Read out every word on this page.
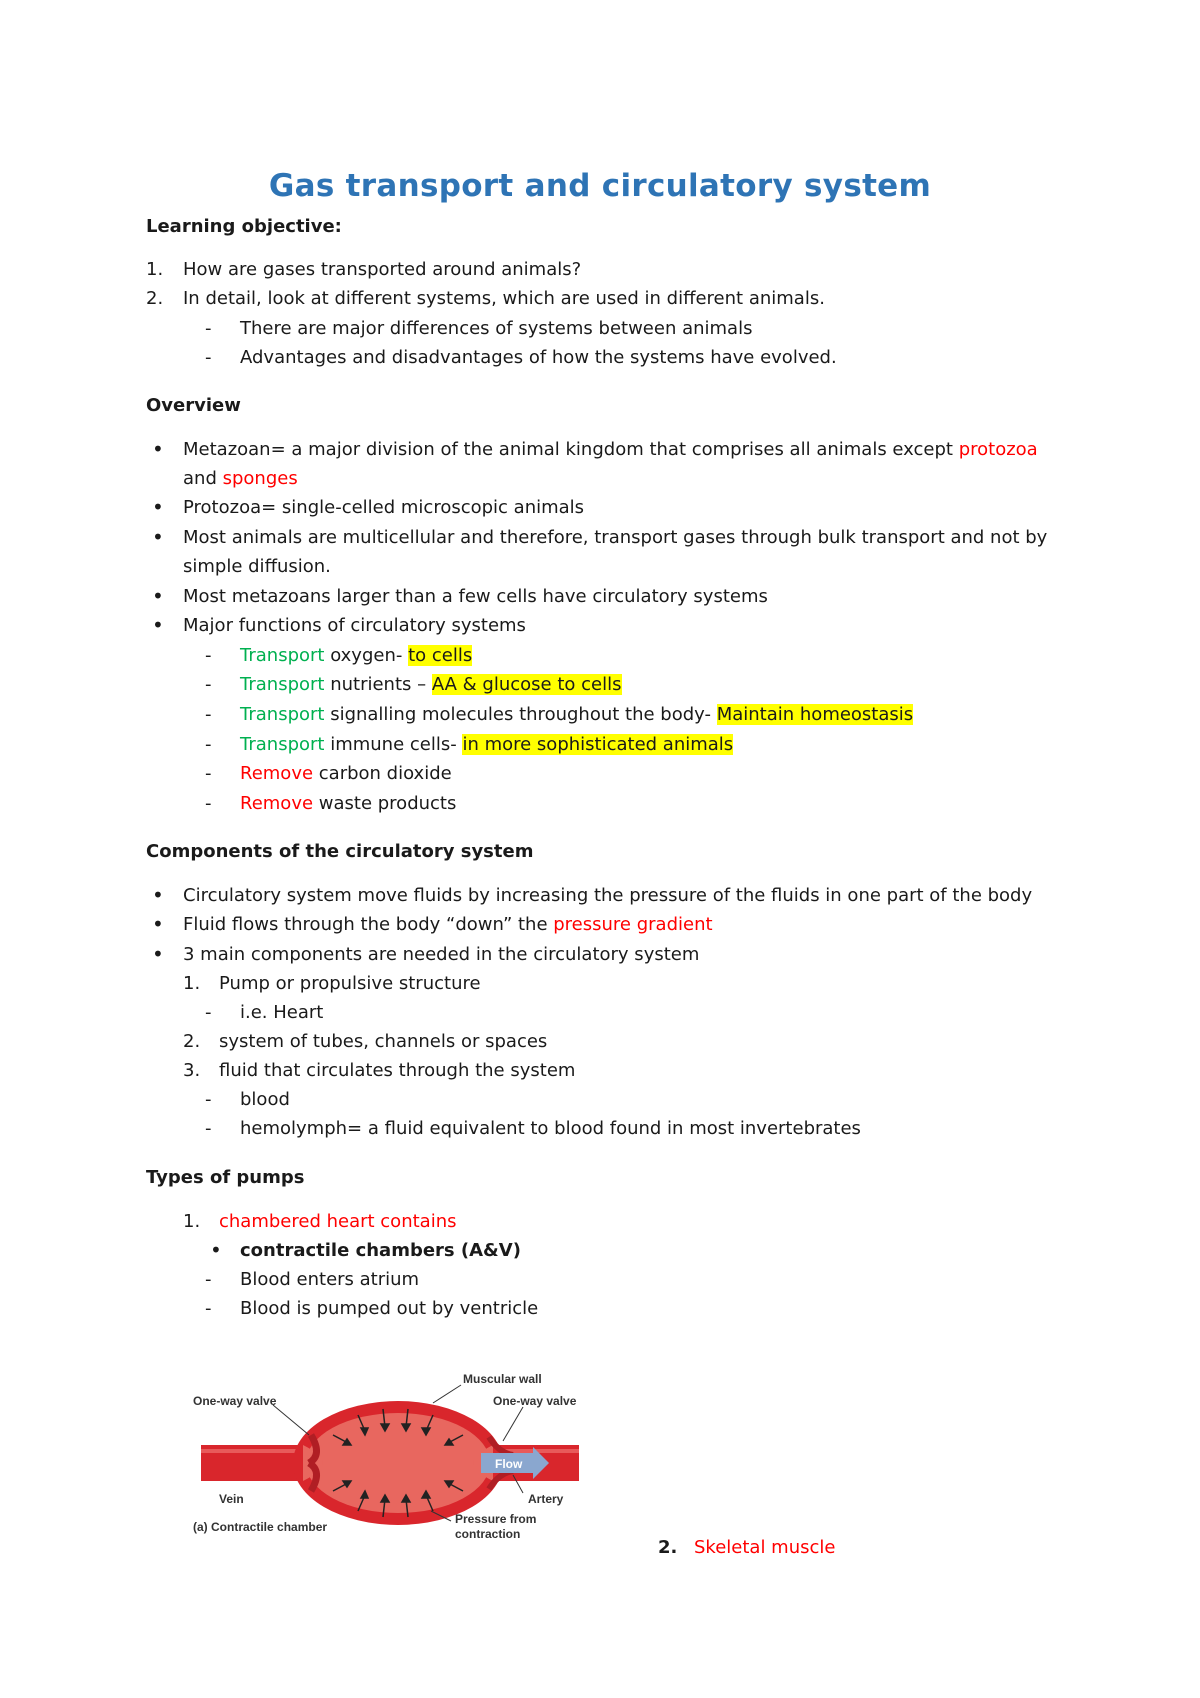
Gas transport and circulatory system
Learning objective:
1. How are gases transported around animals?
2. In detail, look at different systems, which are used in different animals.
- There are major differences of systems between animals
- Advantages and disadvantages of how the systems have evolved.
Overview
• Metazoan= a major division of the animal kingdom that comprises all animals except protozoa
and sponges
• Protozoa= single-celled microscopic animals
• Most animals are multicellular and therefore, transport gases through bulk transport and not by
simple diffusion.
• Most metazoans larger than a few cells have circulatory systems
• Major functions of circulatory systems
- Transport oxygen- to cells
- Transport nutrients – AA & glucose to cells
- Transport signalling molecules throughout the body- Maintain homeostasis
- Transport immune cells- in more sophisticated animals
- Remove carbon dioxide
- Remove waste products
Components of the circulatory system
• Circulatory system move fluids by increasing the pressure of the fluids in one part of the body
• Fluid flows through the body “down” the pressure gradient
• 3 main components are needed in the circulatory system
1. Pump or propulsive structure
- i.e. Heart
2. system of tubes, channels or spaces
3. fluid that circulates through the system
- blood
- hemolymph= a fluid equivalent to blood found in most invertebrates
Types of pumps
1. chambered heart contains
• contractile chambers (A&V)
- Blood enters atrium
- Blood is pumped out by ventricle
Flow
Muscular wall
One-way valve	One-way valve
Vein	Artery
Pressure from
contraction
(a) Contractile chamber
2. Skeletal muscle
